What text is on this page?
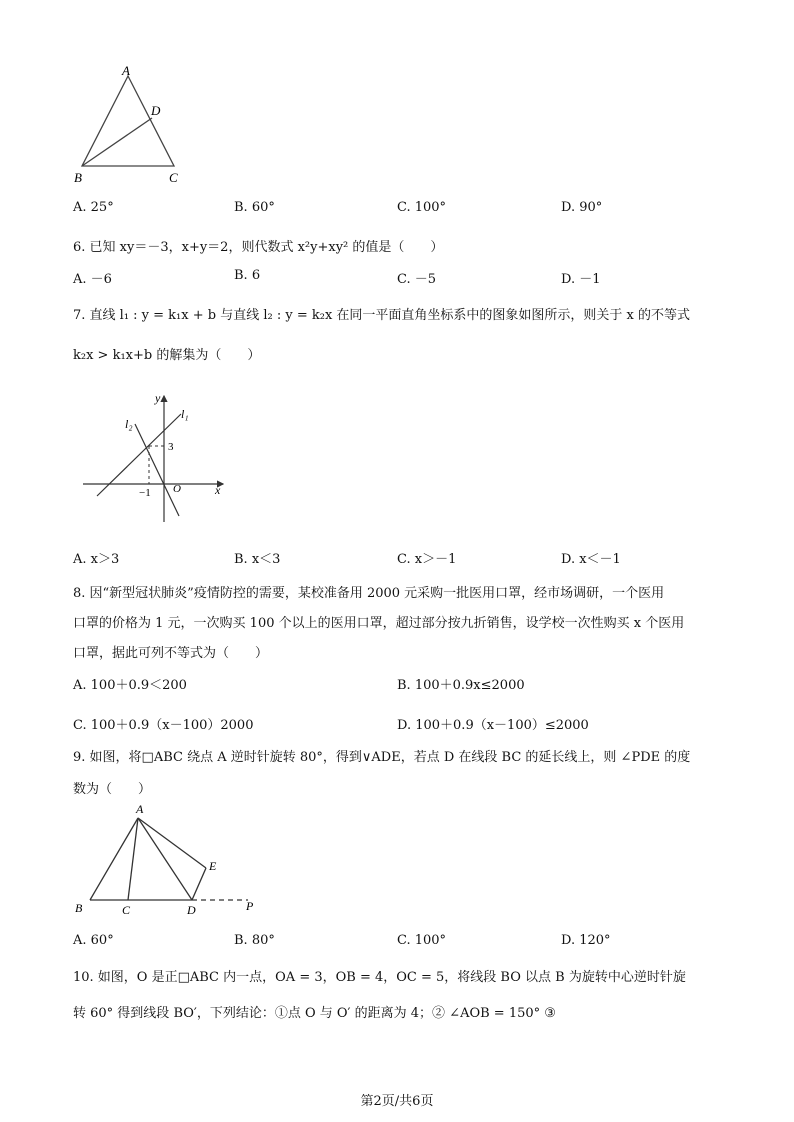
A
D
B	C
A. 25°	B. 60°	C. 100°	D. 90°
6. 已知 xy＝－3，x+y＝2，则代数式 x²y+xy² 的值是（　　）
A. －6	B. 6	C. －5	D. －1
7. 直线 l₁ : y = k₁x + b 与直线 l₂ : y = k₂x 在同一平面直角坐标系中的图象如图所示，则关于 x 的不等式
k₂x > k₁x+b 的解集为（　　）
y
x
O
l₁
l₂
−1
3
A. x＞3	B. x＜3	C. x＞－1	D. x＜－1
8. 因“新型冠状肺炎”疫情防控的需要，某校准备用 2000 元采购一批医用口罩，经市场调研，一个医用
口罩的价格为 1 元，一次购买 100 个以上的医用口罩，超过部分按九折销售，设学校一次性购买 x 个医用
口罩，据此可列不等式为（　　）
A. 100＋0.9＜200	B. 100＋0.9x≤2000
C. 100＋0.9（x－100）2000	D. 100＋0.9（x－100）≤2000
9. 如图，将□ABC 绕点 A 逆时针旋转 80°，得到∨ADE，若点 D 在线段 BC 的延长线上，则 ∠PDE 的度
数为（　　）
A
B	C	D
E
P
A. 60°	B. 80°	C. 100°	D. 120°
10. 如图，O 是正□ABC 内一点，OA = 3，OB = 4，OC = 5，将线段 BO 以点 B 为旋转中心逆时针旋
转 60° 得到线段 BO′，下列结论：①点 O 与 O′ 的距离为 4；② ∠AOB = 150° ③
第2页/共6页
